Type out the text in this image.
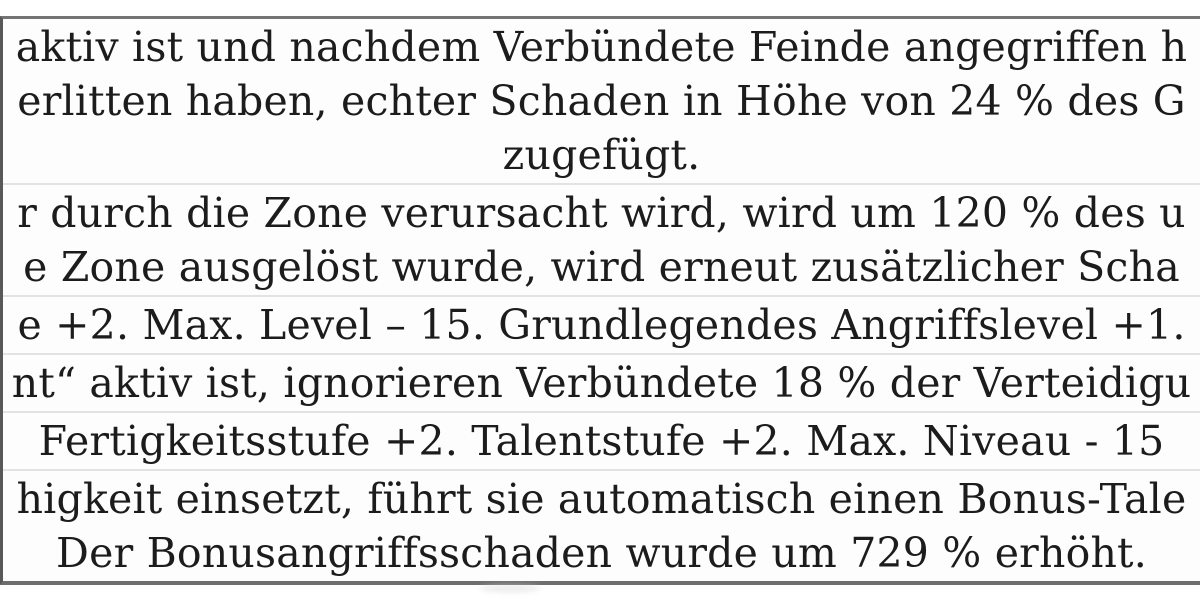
aktiv ist und nachdem Verbündete Feinde angegriffen h
erlitten haben, echter Schaden in Höhe von 24 % des G
zugefügt.
r durch die Zone verursacht wird, wird um 120 % des u
e Zone ausgelöst wurde, wird erneut zusätzlicher Scha
e +2. Max. Level – 15. Grundlegendes Angriffslevel +1.
nt“ aktiv ist, ignorieren Verbündete 18 % der Verteidigu
Fertigkeitsstufe +2. Talentstufe +2. Max. Niveau - 15
higkeit einsetzt, führt sie automatisch einen Bonus-Tale
Der Bonusangriffsschaden wurde um 729 % erhöht.
